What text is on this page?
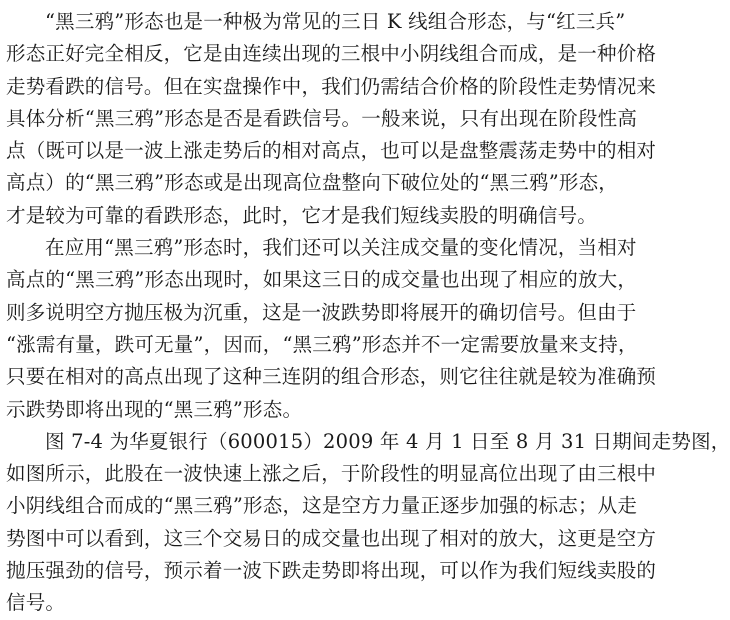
“黑三鸦”形态也是一种极为常见的三日 K 线组合形态，与“红三兵”
形态正好完全相反，它是由连续出现的三根中小阴线组合而成，是一种价格
走势看跌的信号。但在实盘操作中，我们仍需结合价格的阶段性走势情况来
具体分析“黑三鸦”形态是否是看跌信号。一般来说，只有出现在阶段性高
点（既可以是一波上涨走势后的相对高点，也可以是盘整震荡走势中的相对
高点）的“黑三鸦”形态或是出现高位盘整向下破位处的“黑三鸦”形态，
才是较为可靠的看跌形态，此时，它才是我们短线卖股的明确信号。
在应用“黑三鸦”形态时，我们还可以关注成交量的变化情况，当相对
高点的“黑三鸦”形态出现时，如果这三日的成交量也出现了相应的放大，
则多说明空方抛压极为沉重，这是一波跌势即将展开的确切信号。但由于
“涨需有量，跌可无量”，因而，“黑三鸦”形态并不一定需要放量来支持，
只要在相对的高点出现了这种三连阴的组合形态，则它往往就是较为准确预
示跌势即将出现的“黑三鸦”形态。
图 7-4 为华夏银行（600015）2009 年 4 月 1 日至 8 月 31 日期间走势图，
如图所示，此股在一波快速上涨之后，于阶段性的明显高位出现了由三根中
小阴线组合而成的“黑三鸦”形态，这是空方力量正逐步加强的标志；从走
势图中可以看到，这三个交易日的成交量也出现了相对的放大，这更是空方
抛压强劲的信号，预示着一波下跌走势即将出现，可以作为我们短线卖股的
信号。
